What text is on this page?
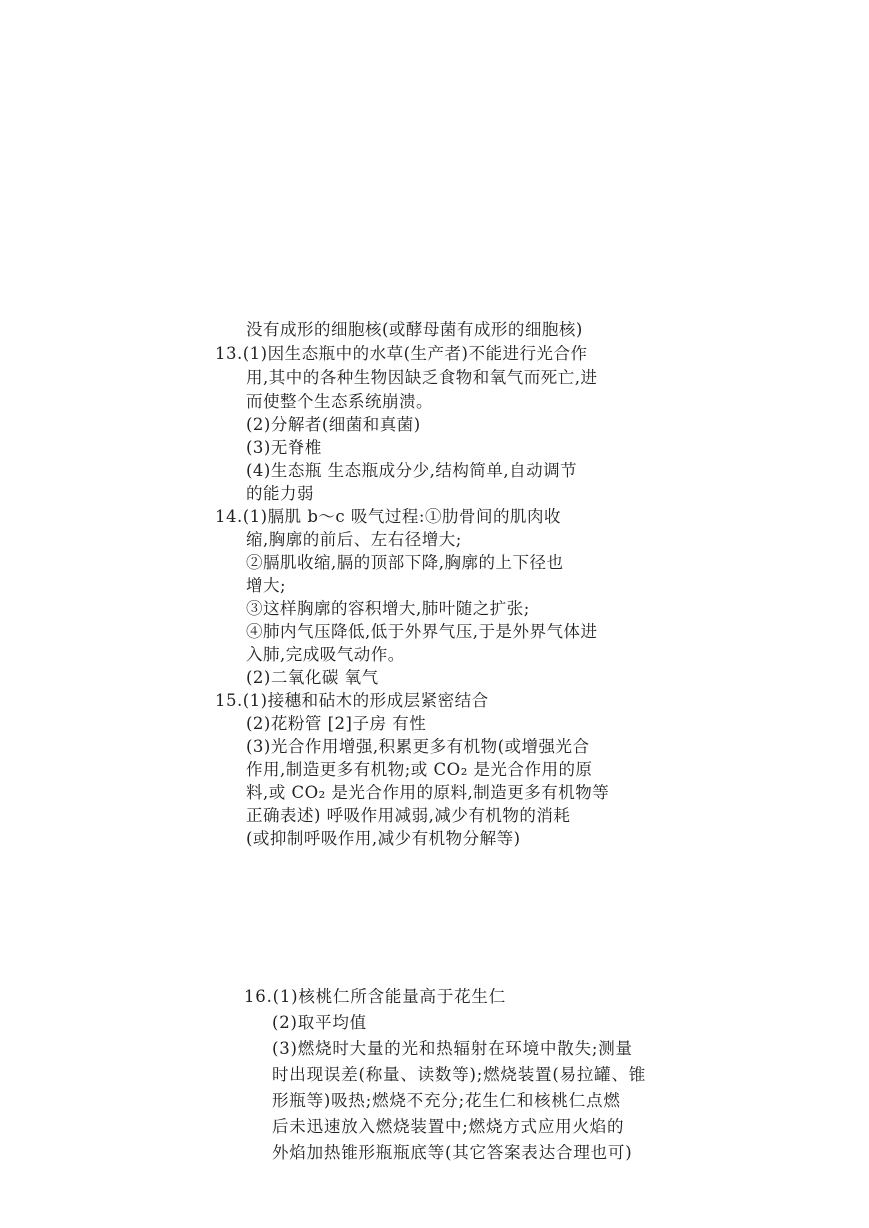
没有成形的细胞核(或酵母菌有成形的细胞核)
13.(1)因生态瓶中的水草(生产者)不能进行光合作
用,其中的各种生物因缺乏食物和氧气而死亡,进
而使整个生态系统崩溃。
(2)分解者(细菌和真菌)
(3)无脊椎
(4)生态瓶 生态瓶成分少,结构简单,自动调节
的能力弱
14.(1)膈肌 b～c 吸气过程:①肋骨间的肌肉收
缩,胸廓的前后、左右径增大;
②膈肌收缩,膈的顶部下降,胸廓的上下径也
增大;
③这样胸廓的容积增大,肺叶随之扩张;
④肺内气压降低,低于外界气压,于是外界气体进
入肺,完成吸气动作。
(2)二氧化碳 氧气
15.(1)接穗和砧木的形成层紧密结合
(2)花粉管 [2]子房 有性
(3)光合作用增强,积累更多有机物(或增强光合
作用,制造更多有机物;或 CO₂ 是光合作用的原
料,或 CO₂ 是光合作用的原料,制造更多有机物等
正确表述) 呼吸作用减弱,减少有机物的消耗
(或抑制呼吸作用,减少有机物分解等)
16.(1)核桃仁所含能量高于花生仁
(2)取平均值
(3)燃烧时大量的光和热辐射在环境中散失;测量
时出现误差(称量、读数等);燃烧装置(易拉罐、锥
形瓶等)吸热;燃烧不充分;花生仁和核桃仁点燃
后未迅速放入燃烧装置中;燃烧方式应用火焰的
外焰加热锥形瓶瓶底等(其它答案表达合理也可)
